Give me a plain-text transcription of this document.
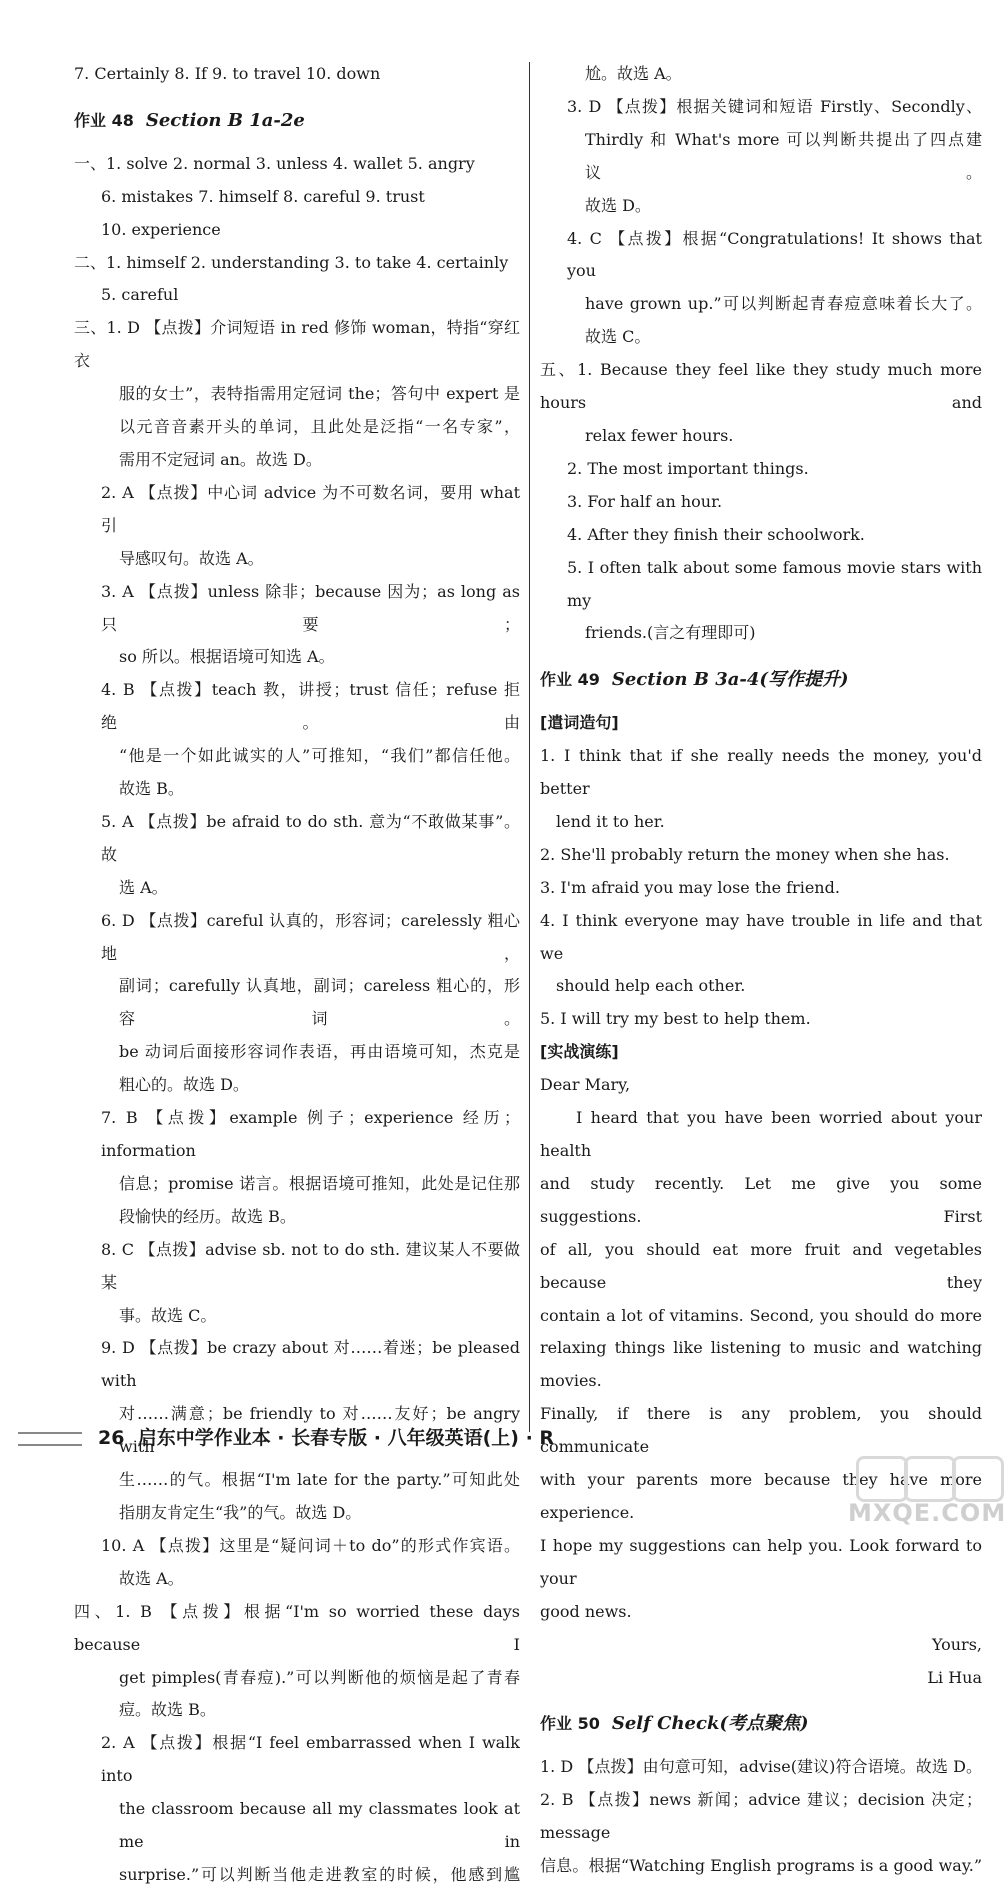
7. Certainly 8. If 9. to travel 10. down
作业 48 Section B 1a-2e
一、1. solve 2. normal 3. unless 4. wallet 5. angry
6. mistakes 7. himself 8. careful 9. trust
10. experience
二、1. himself 2. understanding 3. to take 4. certainly
5. careful
三、1. D 【点拨】介词短语 in red 修饰 woman，特指“穿红衣
服的女士”，表特指需用定冠词 the；答句中 expert 是
以元音音素开头的单词，且此处是泛指“一名专家”，
需用不定冠词 an。故选 D。
2. A 【点拨】中心词 advice 为不可数名词，要用 what 引
导感叹句。故选 A。
3. A 【点拨】unless 除非；because 因为；as long as 只要；
so 所以。根据语境可知选 A。
4. B 【点拨】teach 教，讲授；trust 信任；refuse 拒绝。由
“他是一个如此诚实的人”可推知，“我们”都信任他。
故选 B。
5. A 【点拨】be afraid to do sth. 意为“不敢做某事”。故
选 A。
6. D 【点拨】careful 认真的，形容词；carelessly 粗心地，
副词；carefully 认真地，副词；careless 粗心的，形容词。
be 动词后面接形容词作表语，再由语境可知，杰克是
粗心的。故选 D。
7. B 【点拨】example 例子；experience 经历；information
信息；promise 诺言。根据语境可推知，此处是记住那
段愉快的经历。故选 B。
8. C 【点拨】advise sb. not to do sth. 建议某人不要做某
事。故选 C。
9. D 【点拨】be crazy about 对……着迷；be pleased with
对……满意；be friendly to 对……友好；be angry with
生……的气。根据“I'm late for the party.”可知此处
指朋友肯定生“我”的气。故选 D。
10. A 【点拨】这里是“疑问词＋to do”的形式作宾语。
故选 A。
四、1. B 【点拨】根据“I'm so worried these days because I
get pimples(青春痘).”可以判断他的烦恼是起了青春
痘。故选 B。
2. A 【点拨】根据“I feel embarrassed when I walk into
the classroom because all my classmates look at me in
surprise.”可以判断当他走进教室的时候，他感到尴
尬。故选 A。
3. D 【点拨】根据关键词和短语 Firstly、Secondly、
Thirdly 和 What's more 可以判断共提出了四点建议。
故选 D。
4. C 【点拨】根据“Congratulations! It shows that you
have grown up.”可以判断起青春痘意味着长大了。
故选 C。
五、1. Because they feel like they study much more hours and
relax fewer hours.
2. The most important things.
3. For half an hour.
4. After they finish their schoolwork.
5. I often talk about some famous movie stars with my
friends.(言之有理即可)
作业 49 Section B 3a-4(写作提升)
[遣词造句]
1. I think that if she really needs the money, you'd better
lend it to her.
2. She'll probably return the money when she has.
3. I'm afraid you may lose the friend.
4. I think everyone may have trouble in life and that we
should help each other.
5. I will try my best to help them.
[实战演练]
Dear Mary,
I heard that you have been worried about your health
and study recently. Let me give you some suggestions. First
of all, you should eat more fruit and vegetables because they
contain a lot of vitamins. Second, you should do more
relaxing things like listening to music and watching movies.
Finally, if there is any problem, you should communicate
with your parents more because they have more experience.
I hope my suggestions can help you. Look forward to your
good news.
Yours,
Li Hua
作业 50 Self Check(考点聚焦)
1. D 【点拨】由句意可知，advise(建议)符合语境。故选 D。
2. B 【点拨】news 新闻；advice 建议；decision 决定；message
信息。根据“Watching English programs is a good way.”
26 启东中学作业本 · 长春专版 · 八年级英语(上) · R
MXQE.COM
